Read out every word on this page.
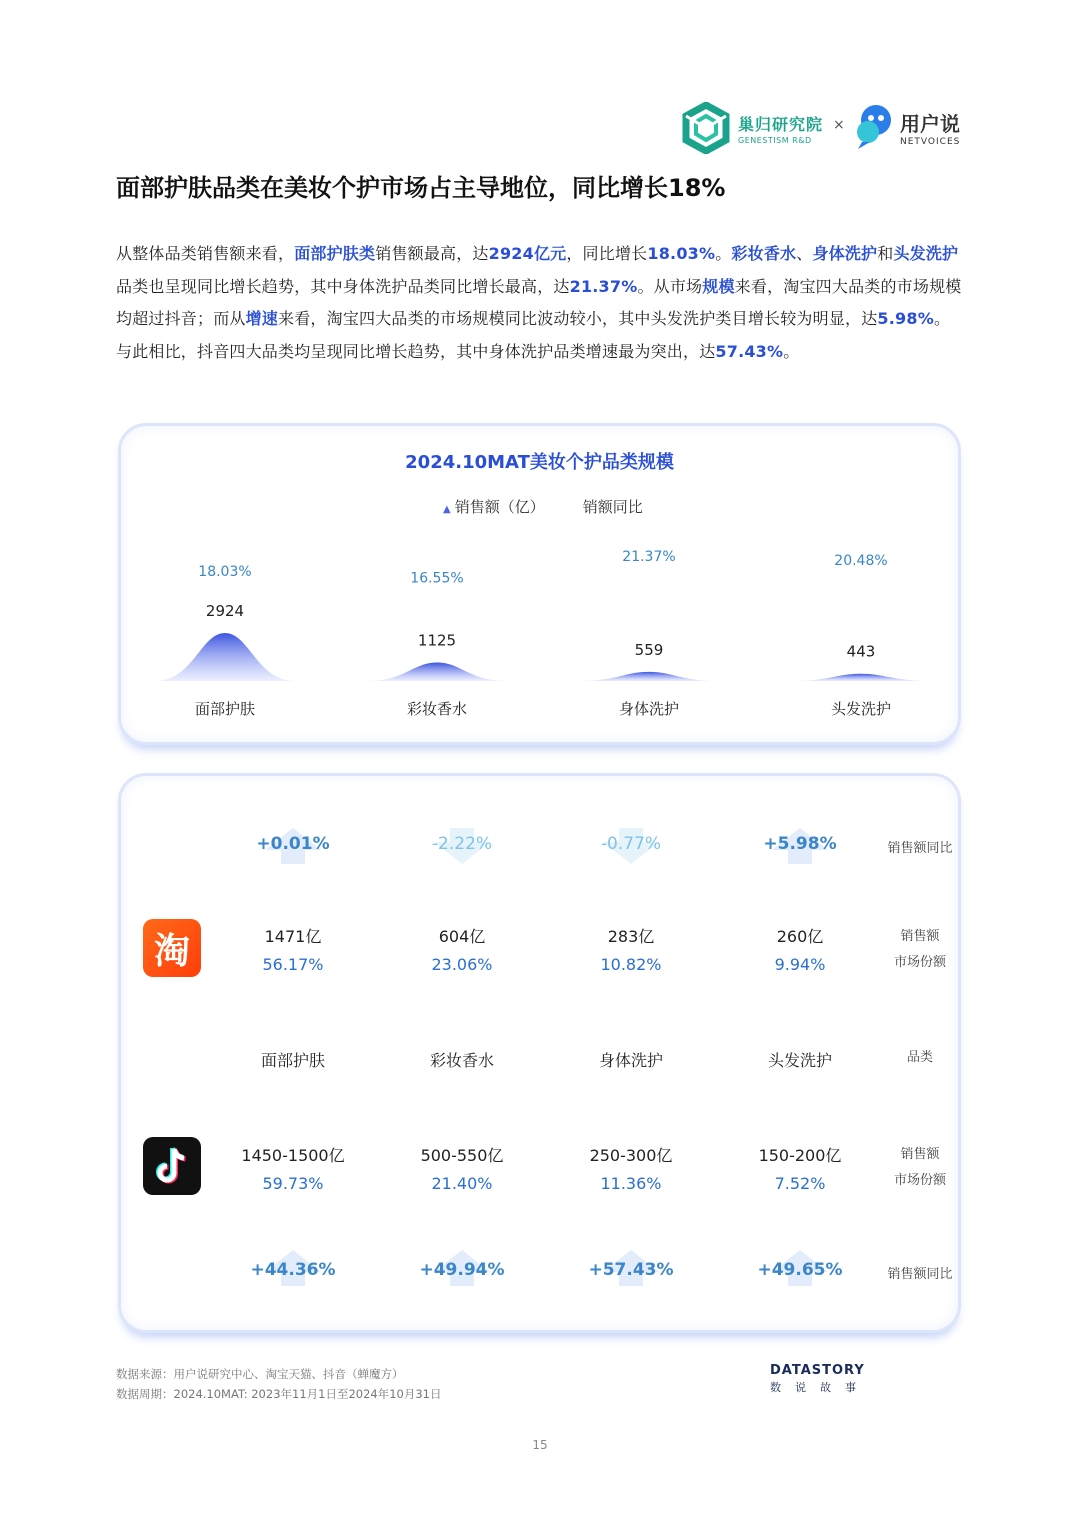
巢归研究院
GENESTISM R&D
×	用户说
NETVOICES
面部护肤品类在美妆个护市场占主导地位，同比增长18%

从整体品类销售额来看，面部护肤类销售额最高，达2924亿元，同比增长18.03%。彩妆香水、身体洗护和头发洗护品类也呈现同比增长趋势，其中身体洗护品类同比增长最高，达21.37%。从市场规模来看，淘宝四大品类的市场规模均超过抖音；而从增速来看，淘宝四大品类的市场规模同比波动较小，其中头发洗护类目增长较为明显，达5.98%。与此相比，抖音四大品类均呈现同比增长趋势，其中身体洗护品类增速最为突出，达57.43%。

2024.10MAT美妆个护品类规模
▲ 销售额（亿）	销额同比
2924
18.03%
面部护肤
1125
16.55%
彩妆香水
559
21.37%
身体洗护
443
20.48%
头发洗护
淘
销售额同比
销售额
市场份额
品类
销售额
市场份额
销售额同比
+0.01%
1471亿
56.17%
面部护肤
1450-1500亿
59.73%
+44.36%
-2.22%
604亿
23.06%
彩妆香水
500-550亿
21.40%
+49.94%
-0.77%
283亿
10.82%
身体洗护
250-300亿
11.36%
+57.43%
+5.98%
260亿
9.94%
头发洗护
150-200亿
7.52%
+49.65%
数据来源：用户说研究中心、淘宝天猫、抖音（蝉魔方）
数据周期：2024.10MAT: 2023年11月1日至2024年10月31日
DATASTORY
数说故事
15
